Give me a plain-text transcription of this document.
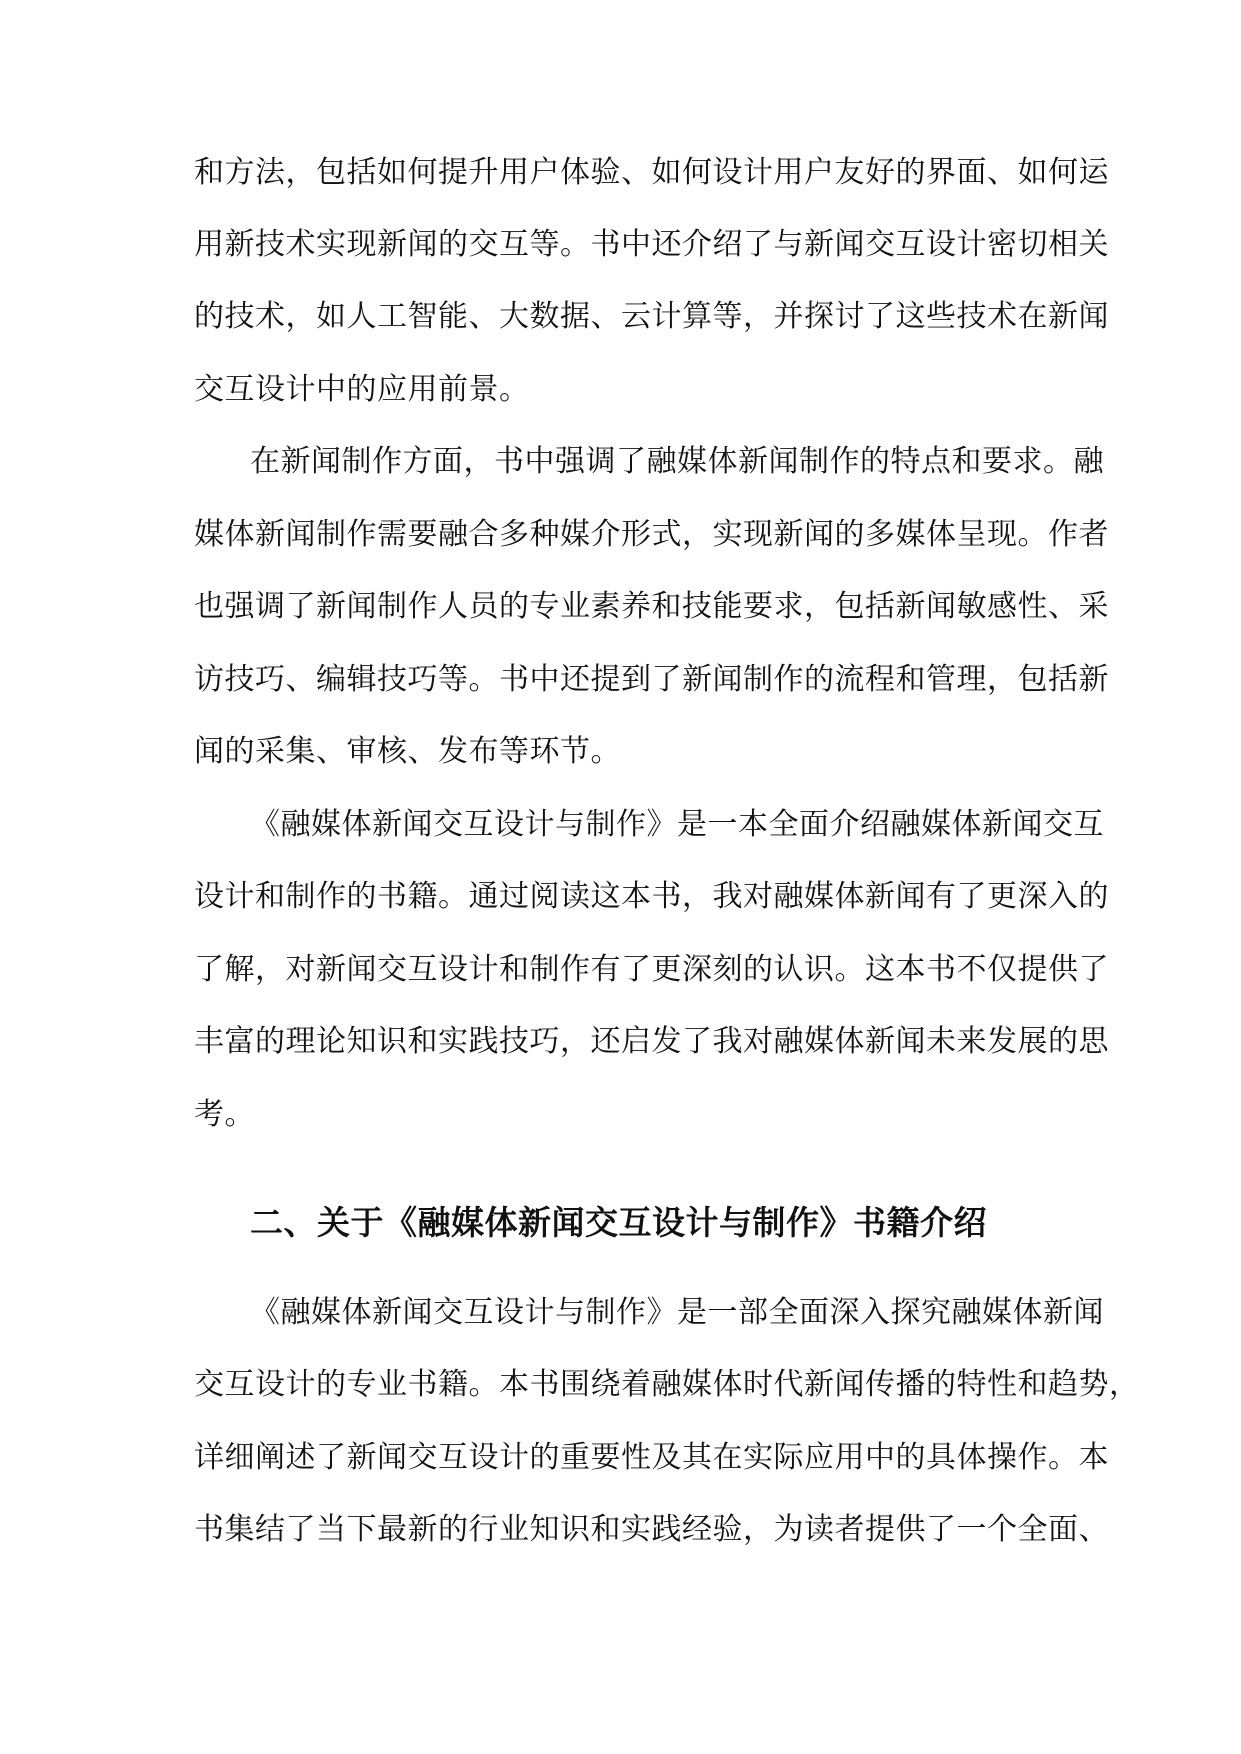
和方法，包括如何提升用户体验、如何设计用户友好的界面、如何运
用新技术实现新闻的交互等。书中还介绍了与新闻交互设计密切相关
的技术，如人工智能、大数据、云计算等，并探讨了这些技术在新闻
交互设计中的应用前景。
在新闻制作方面，书中强调了融媒体新闻制作的特点和要求。融
媒体新闻制作需要融合多种媒介形式，实现新闻的多媒体呈现。作者
也强调了新闻制作人员的专业素养和技能要求，包括新闻敏感性、采
访技巧、编辑技巧等。书中还提到了新闻制作的流程和管理，包括新
闻的采集、审核、发布等环节。
《融媒体新闻交互设计与制作》是一本全面介绍融媒体新闻交互
设计和制作的书籍。通过阅读这本书，我对融媒体新闻有了更深入的
了解，对新闻交互设计和制作有了更深刻的认识。这本书不仅提供了
丰富的理论知识和实践技巧，还启发了我对融媒体新闻未来发展的思
考。
二、关于《融媒体新闻交互设计与制作》书籍介绍
《融媒体新闻交互设计与制作》是一部全面深入探究融媒体新闻
交互设计的专业书籍。本书围绕着融媒体时代新闻传播的特性和趋势，
详细阐述了新闻交互设计的重要性及其在实际应用中的具体操作。本
书集结了当下最新的行业知识和实践经验，为读者提供了一个全面、
